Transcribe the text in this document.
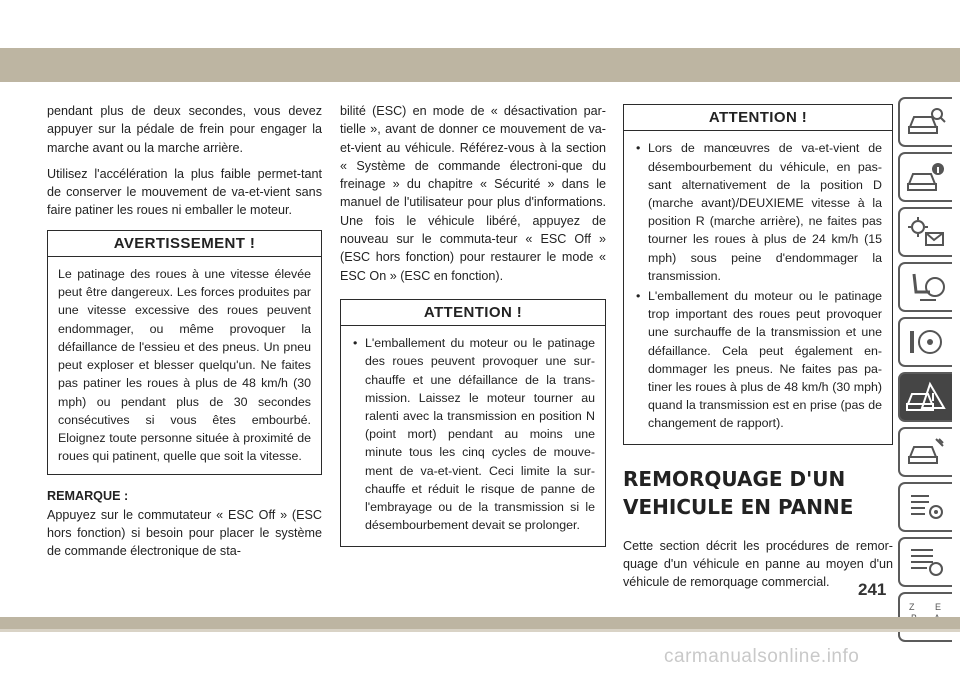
pendant plus de deux secondes, vous devez appuyer sur la pédale de frein pour engager la marche avant ou la marche arrière.

Utilisez l'accélération la plus faible permet-tant de conserver le mouvement de va-et-vient sans faire patiner les roues ni emballer le moteur.

AVERTISSEMENT !
Le patinage des roues à une vitesse élevée peut être dangereux. Les forces produites par une vitesse excessive des roues peuvent endommager, ou même provoquer la défaillance de l'essieu et des pneus. Un pneu peut exploser et blesser quelqu'un. Ne faites pas patiner les roues à plus de 48 km/h (30 mph) ou pendant plus de 30 secondes consécutives si vous êtes embourbé. Eloignez toute personne située à proximité de roues qui patinent, quelle que soit la vitesse.
REMARQUE :

Appuyez sur le commutateur « ESC Off » (ESC hors fonction) si besoin pour placer le système de commande électronique de sta-

bilité (ESC) en mode de « désactivation par-tielle », avant de donner ce mouvement de va-et-vient au véhicule. Référez-vous à la section « Système de commande électroni-que du freinage » du chapitre « Sécurité » dans le manuel de l'utilisateur pour plus d'informations. Une fois le véhicule libéré, appuyez de nouveau sur le commuta-teur « ESC Off » (ESC hors fonction) pour restaurer le mode « ESC On » (ESC en fonction).

ATTENTION !
• L'emballement du moteur ou le patinage des roues peuvent provoquer une sur-chauffe et une défaillance de la trans-mission. Laissez le moteur tourner au ralenti avec la transmission en position N (point mort) pendant au moins une minute tous les cinq cycles de mouve-ment de va-et-vient. Ceci limite la sur-chauffe et réduit le risque de panne de l'embrayage ou de la transmission si le désembourbement devait se prolonger.
ATTENTION !
• Lors de manœuvres de va-et-vient de désembourbement du véhicule, en pas-sant alternativement de la position D (marche avant)/DEUXIEME vitesse à la position R (marche arrière), ne faites pas tourner les roues à plus de 24 km/h (15 mph) sous peine d'endommager la transmission.
• L'emballement du moteur ou le patinage trop important des roues peut provoquer une surchauffe de la transmission et une défaillance. Cela peut également en-dommager les pneus. Ne faites pas pa-tiner les roues à plus de 48 km/h (30 mph) quand la transmission est en prise (pas de changement de rapport).
REMORQUAGE D'UN
VEHICULE EN PANNE

Cette section décrit les procédures de remor-quage d'un véhicule en panne au moyen d'un véhicule de remorquage commercial.

Z E
241
carmanualsonline.info
